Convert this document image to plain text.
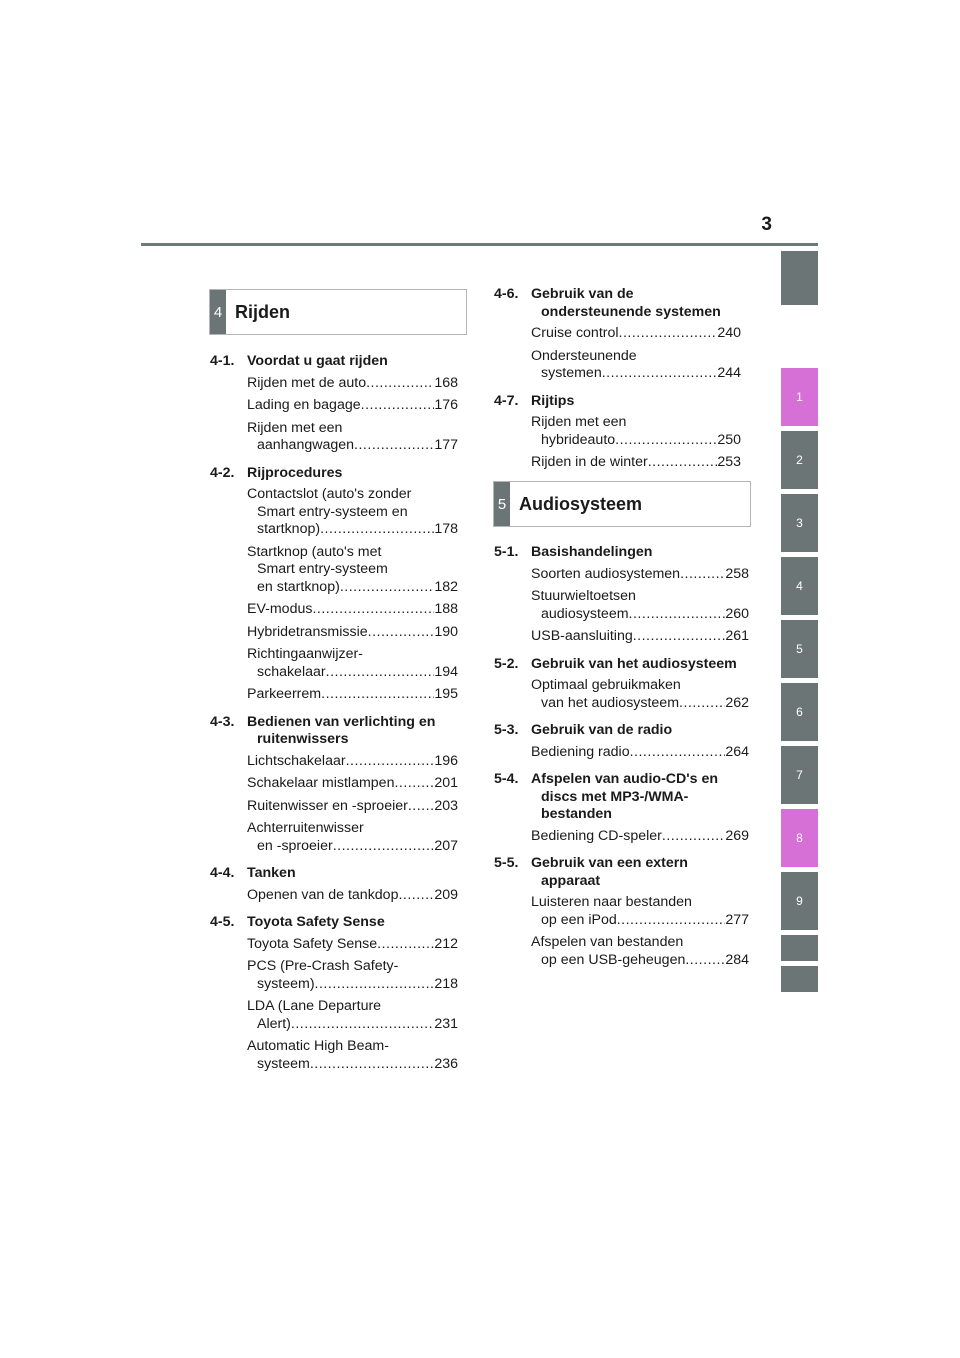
3
1
2
3
4
5
6
7
8
9
4 Rijden
5 Audiosysteem
4-1. Voordat u gaat rijden
Rijden met de auto .....	168
Lading en bagage .....	176
Rijden met een
aanhangwagen .....	177
4-2. Rijprocedures
Contactslot (auto's zonder
Smart entry-systeem en
startknop) .....	178
Startknop (auto's met
Smart entry-systeem
en startknop) .....	182
EV-modus .....	188
Hybridetransmissie .....	190
Richtingaanwijzer-
schakelaar .....	194
Parkeerrem .....	195
4-3. Bedienen van verlichting en
ruitenwissers
Lichtschakelaar .....	196
Schakelaar mistlampen .....	201
Ruitenwisser en -sproeier ..... 203
Achterruitenwisser
en -sproeier .....	207
4-4. Tanken
Openen van de tankdop .....	209
4-5. Toyota Safety Sense
Toyota Safety Sense .....	212
PCS (Pre-Crash Safety-
systeem) .....	218
LDA (Lane Departure
Alert) .....	231
Automatic High Beam-
systeem .....	236
4-6. Gebruik van de
ondersteunende systemen
Cruise control .....	240
Ondersteunende
systemen .....	244
4-7. Rijtips
Rijden met een
hybrideauto .....	250
Rijden in de winter .....	253
5-1. Basishandelingen
Soorten audiosystemen .....	258
Stuurwieltoetsen
audiosysteem .....	260
USB-aansluiting .....	261
5-2. Gebruik van het audiosysteem
Optimaal gebruikmaken
van het audiosysteem .....	262
5-3. Gebruik van de radio
Bediening radio .....	264
5-4. Afspelen van audio-CD's en
discs met MP3-/WMA-
bestanden
Bediening CD-speler .....	269
5-5. Gebruik van een extern
apparaat
Luisteren naar bestanden
op een iPod .....	277
Afspelen van bestanden
op een USB-geheugen .....	284
